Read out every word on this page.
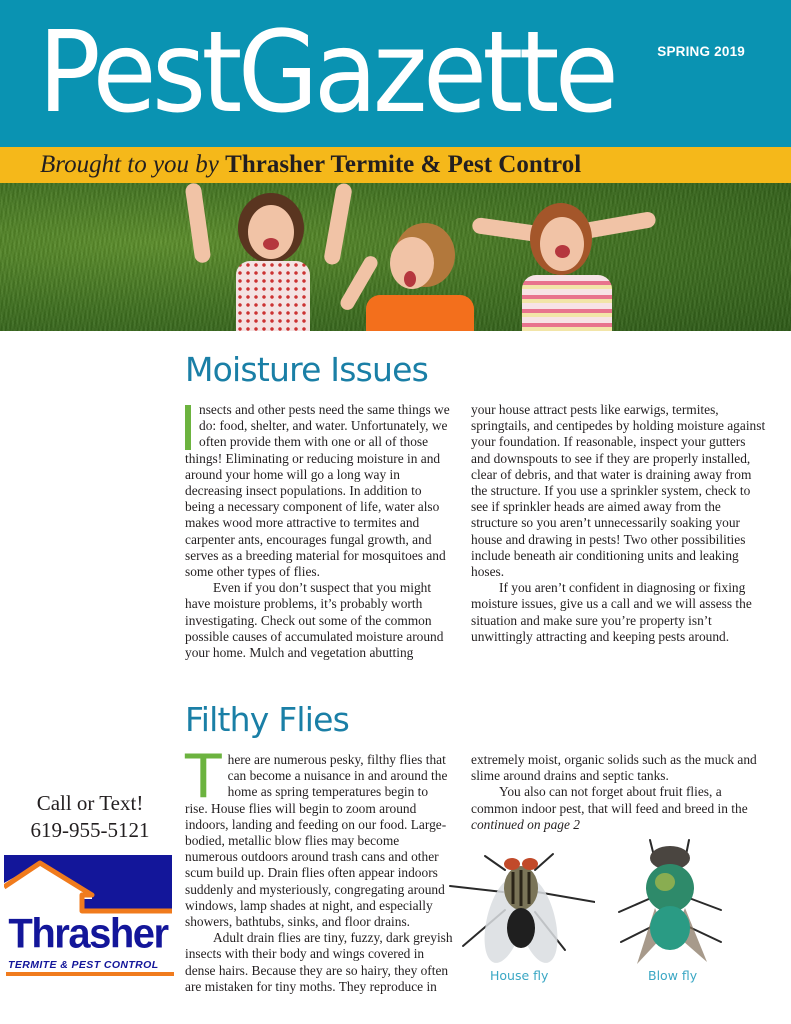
PestGazette	SPRING 2019
Brought to you by Thrasher Termite & Pest Control
Moisture Issues

nsects and other pests need the same things we do: food, shelter, and water. Unfortunately, we often provide them with one or all of those things! Eliminating or reducing moisture in and around your home will go a long way in decreasing insect populations. In addition to being a necessary component of life, water also makes wood more attractive to termites and carpenter ants, encourages fungal growth, and serves as a breeding material for mosquitoes and some other types of flies.

Even if you don’t suspect that you might have moisture problems, it’s probably worth investigating. Check out some of the common possible causes of accumulated moisture around your home. Mulch and vegetation abutting

your house attract pests like earwigs, termites, springtails, and centipedes by holding moisture against your foundation. If reasonable, inspect your gutters and downspouts to see if they are properly installed, clear of debris, and that water is draining away from the structure. If you use a sprinkler system, check to see if sprinkler heads are aimed away from the structure so you aren’t unnecessarily soaking your house and drawing in pests! Two other possibilities include beneath air conditioning units and leaking hoses.

If you aren’t confident in diagnosing or fixing moisture issues, give us a call and we will assess the situation and make sure you’re property isn’t unwittingly attracting and keeping pests around.

Filthy Flies

There are numerous pesky, filthy flies that can become a nuisance in and around the home as spring temperatures begin to rise. House flies will begin to zoom around indoors, landing and feeding on our food. Large-bodied, metallic blow flies may become numerous outdoors around trash cans and other scum build up. Drain flies often appear indoors suddenly and mysteriously, congregating around windows, lamp shades at night, and especially showers, bathtubs, sinks, and floor drains.

Adult drain flies are tiny, fuzzy, dark greyish insects with their body and wings covered in dense hairs. Because they are so hairy, they often are mistaken for tiny moths. They reproduce in

extremely moist, organic solids such as the muck and slime around drains and septic tanks.

You also can not forget about fruit flies, a common indoor pest, that will feed and breed in the

continued on page 2

House fly	Blow fly
Call or Text!
619-955-5121
Thrasher
TERMITE & PEST CONTROL
